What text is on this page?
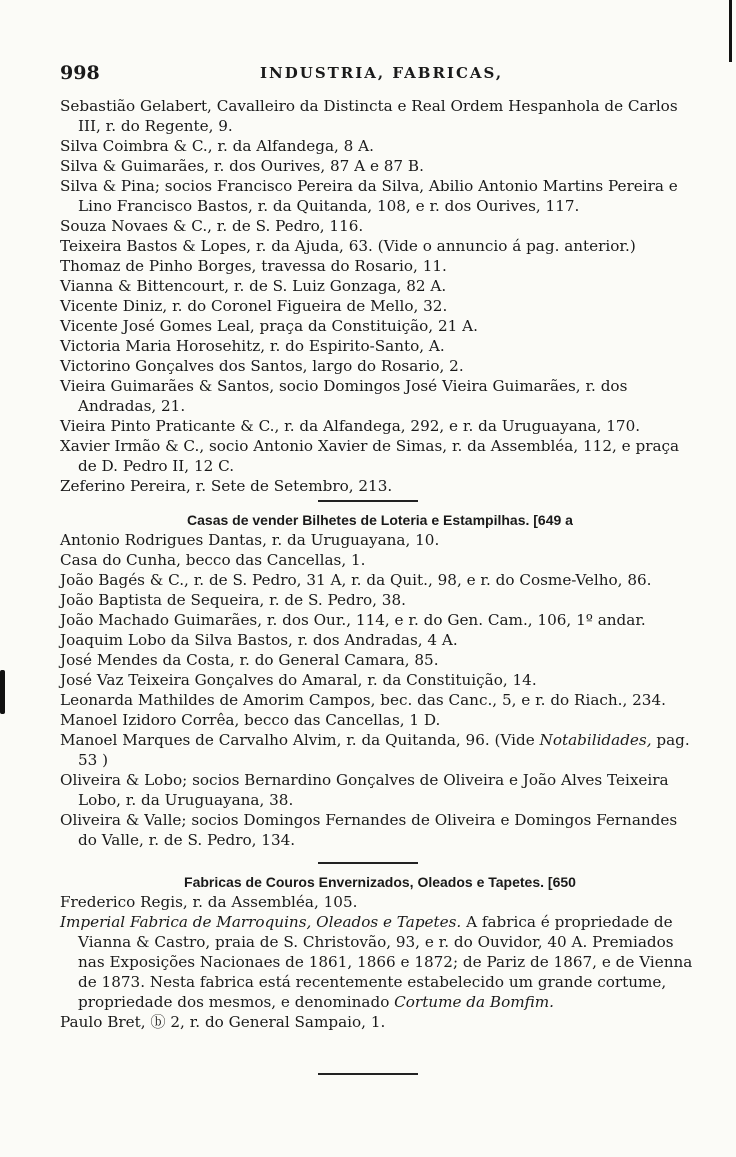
998	INDUSTRIA, FABRICAS,

Sebastião Gelabert, Cavalleiro da Distincta e Real Ordem Hespanhola de Carlos III, r. do Regente, 9.

Silva Coimbra & C., r. da Alfandega, 8 A.

Silva & Guimarães, r. dos Ourives, 87 A e 87 B.

Silva & Pina; socios Francisco Pereira da Silva, Abilio Antonio Martins Pereira e Lino Francisco Bastos, r. da Quitanda, 108, e r. dos Ourives, 117.

Souza Novaes & C., r. de S. Pedro, 116.

Teixeira Bastos & Lopes, r. da Ajuda, 63. (Vide o annuncio á pag. anterior.)

Thomaz de Pinho Borges, travessa do Rosario, 11.

Vianna & Bittencourt, r. de S. Luiz Gonzaga, 82 A.

Vicente Diniz, r. do Coronel Figueira de Mello, 32.

Vicente José Gomes Leal, praça da Constituição, 21 A.

Victoria Maria Horosehitz, r. do Espirito-Santo, A.

Victorino Gonçalves dos Santos, largo do Rosario, 2.

Vieira Guimarães & Santos, socio Domingos José Vieira Guimarães, r. dos Andradas, 21.

Vieira Pinto Praticante & C., r. da Alfandega, 292, e r. da Uruguayana, 170.

Xavier Irmão & C., socio Antonio Xavier de Simas, r. da Assembléa, 112, e praça de D. Pedro II, 12 C.

Zeferino Pereira, r. Sete de Setembro, 213.

Casas de vender Bilhetes de Loteria e Estampilhas. [649 a

Antonio Rodrigues Dantas, r. da Uruguayana, 10.

Casa do Cunha, becco das Cancellas, 1.

João Bagés & C., r. de S. Pedro, 31 A, r. da Quit., 98, e r. do Cosme-Velho, 86.

João Baptista de Sequeira, r. de S. Pedro, 38.

João Machado Guimarães, r. dos Our., 114, e r. do Gen. Cam., 106, 1º andar.

Joaquim Lobo da Silva Bastos, r. dos Andradas, 4 A.

José Mendes da Costa, r. do General Camara, 85.

José Vaz Teixeira Gonçalves do Amaral, r. da Constituição, 14.

Leonarda Mathildes de Amorim Campos, bec. das Canc., 5, e r. do Riach., 234.

Manoel Izidoro Corrêa, becco das Cancellas, 1 D.

Manoel Marques de Carvalho Alvim, r. da Quitanda, 96. (Vide Notabilidades, pag. 53 )

Oliveira & Lobo; socios Bernardino Gonçalves de Oliveira e João Alves Teixeira Lobo, r. da Uruguayana, 38.

Oliveira & Valle; socios Domingos Fernandes de Oliveira e Domingos Fernandes do Valle, r. de S. Pedro, 134.

Fabricas de Couros Envernizados, Oleados e Tapetes. [650

Frederico Regis, r. da Assembléa, 105.

Imperial Fabrica de Marroquins, Oleados e Tapetes. A fabrica é propriedade de Vianna & Castro, praia de S. Christovão, 93, e r. do Ouvidor, 40 A. Premiados nas Exposições Nacionaes de 1861, 1866 e 1872; de Pariz de 1867, e de Vienna de 1873. Nesta fabrica está recentemente estabelecido um grande cortume, propriedade dos mesmos, e denominado Cortume da Bomfim.

Paulo Bret, ⓑ 2, r. do General Sampaio, 1.
